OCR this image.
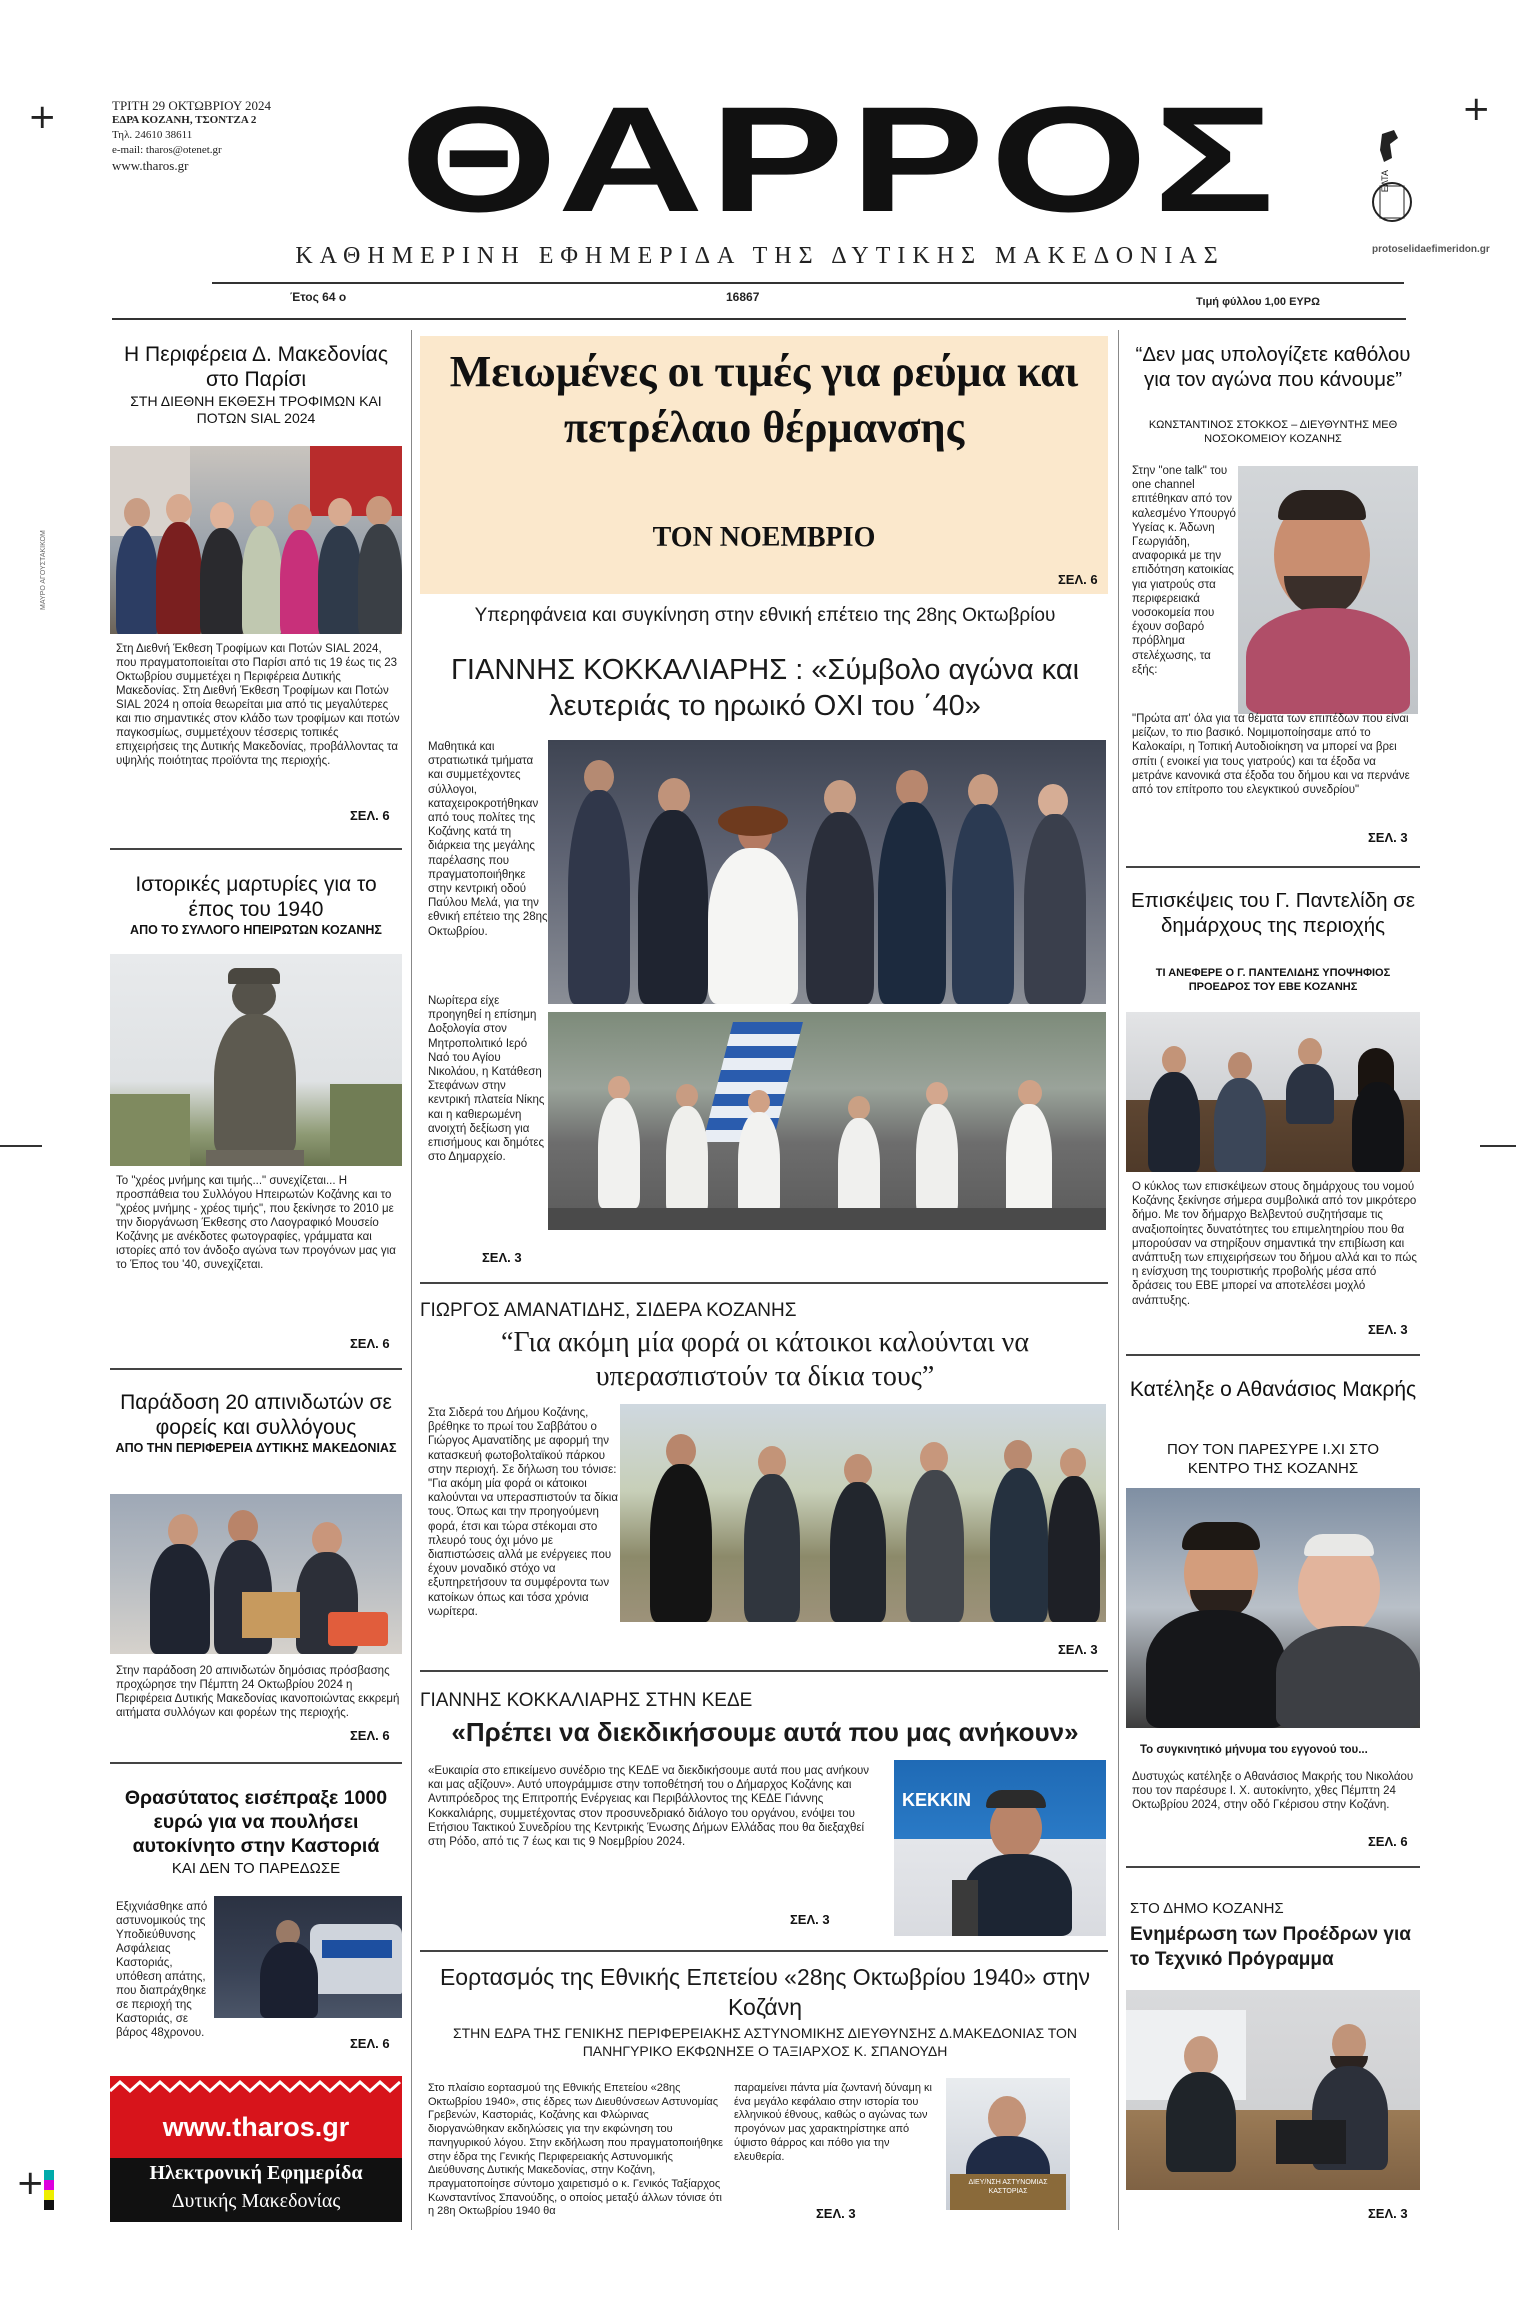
+	+
+
ΜΑΥΡΟ ΑΓΟΥΣΤΑΚΙΚΟΜ
ΤΡΙΤΗ 29 ΟΚΤΩΒΡΙΟΥ 2024
ΕΔΡΑ ΚΟΖΑΝΗ, ΤΣΟΝΤΖΑ 2
Τηλ. 24610 38611
e-mail: tharos@otenet.gr
www.tharos.gr	ΘΑΡΡΟΣ	ΕΛΤΑ
protoselidaefimeridon.gr
ΚΑΘΗΜΕΡΙΝΗ ΕΦΗΜΕΡΙΔΑ ΤΗΣ ΔΥΤΙΚΗΣ ΜΑΚΕΔΟΝΙΑΣ
Έτος 64 ο	16867	Τιμή φύλλου 1,00 ΕΥΡΩ
Η Περιφέρεια Δ. Μακεδονίας στο Παρίσι
ΣΤΗ ΔΙΕΘΝΗ ΕΚΘΕΣΗ ΤΡΟΦΙΜΩΝ ΚΑΙ ΠΟΤΩΝ SIAL 2024
Στη Διεθνή Έκθεση Τροφίμων και Ποτών SIAL 2024, που πραγματοποιείται στο Παρίσι από τις 19 έως τις 23 Οκτωβρίου συμμετέχει η Περιφέρεια Δυτικής Μακεδονίας. Στη Διεθνή Έκθεση Τροφίμων και Ποτών SIAL 2024 η οποία θεωρείται μια από τις μεγαλύτερες και πιο σημαντικές στον κλάδο των τροφίμων και ποτών παγκοσμίως, συμμετέχουν τέσσερις τοπικές επιχειρήσεις της Δυτικής Μακεδονίας, προβάλλοντας τα υψηλής ποιότητας προϊόντα της περιοχής.
ΣΕΛ. 6
Ιστορικές μαρτυρίες για το έπος του 1940
ΑΠΟ ΤΟ ΣΥΛΛΟΓΟ ΗΠΕΙΡΩΤΩΝ ΚΟΖΑΝΗΣ
Το "χρέος μνήμης και τιμής..." συνεχίζεται... Η προσπάθεια του Συλλόγου Ηπειρωτών Κοζάνης και το "χρέος μνήμης - χρέος τιμής", που ξεκίνησε το 2010 με την διοργάνωση Έκθεσης στο Λαογραφικό Μουσείο Κοζάνης με ανέκδοτες φωτογραφίες, γράμματα και ιστορίες από τον άνδοξο αγώνα των προγόνων μας για το Έπος του '40, συνεχίζεται.
ΣΕΛ. 6
Παράδοση 20 απινιδωτών σε φορείς και συλλόγους
ΑΠΟ ΤΗΝ ΠΕΡΙΦΕΡΕΙΑ ΔΥΤΙΚΗΣ ΜΑΚΕΔΟΝΙΑΣ
Στην παράδοση 20 απινιδωτών δημόσιας πρόσβασης προχώρησε την Πέμπτη 24 Οκτωβρίου 2024 η Περιφέρεια Δυτικής Μακεδονίας ικανοποιώντας εκκρεμή αιτήματα συλλόγων και φορέων της περιοχής.
ΣΕΛ. 6
Θρασύτατος εισέπραξε 1000 ευρώ για να πουλήσει αυτοκίνητο στην Καστοριά
ΚΑΙ ΔΕΝ ΤΟ ΠΑΡΕΔΩΣΕ
Εξιχνιάσθηκε από αστυνομικούς της Υποδιεύθυνσης Ασφάλειας Καστοριάς, υπόθεση απάτης, που διαπράχθηκε σε περιοχή της Καστοριάς, σε βάρος 48χρονου.
ΣΕΛ. 6
www.tharos.gr
Ηλεκτρονική Εφημερίδα
Δυτικής Μακεδονίας
Μειωμένες οι τιμές για ρεύμα και πετρέλαιο θέρμανσης
ΤΟΝ ΝΟΕΜΒΡΙΟ
ΣΕΛ. 6
Υπερηφάνεια και συγκίνηση στην εθνική επέτειο της 28ης Οκτωβρίου
ΓΙΑΝΝΗΣ ΚΟΚΚΑΛΙΑΡΗΣ : «Σύμβολο αγώνα και λευτεριάς το ηρωικό ΟΧΙ του ΄40»
Μαθητικά και στρατιωτικά τμήματα και συμμετέχοντες σύλλογοι, καταχειροκροτήθηκαν από τους πολίτες της Κοζάνης κατά τη διάρκεια της μεγάλης παρέλασης που πραγματοποιήθηκε στην κεντρική οδού Παύλου Μελά, για την εθνική επέτειο της 28ης Οκτωβρίου.
Νωρίτερα είχε προηγηθεί η επίσημη Δοξολογία στον Μητροπολιτικό Ιερό Ναό του Αγίου Νικολάου, η Κατάθεση Στεφάνων στην κεντρική πλατεία Νίκης και η καθιερωμένη ανοιχτή δεξίωση για επισήμους και δημότες στο Δημαρχείο.
ΣΕΛ. 3
ΓΙΩΡΓΟΣ ΑΜΑΝΑΤΙΔΗΣ, ΣΙΔΕΡΑ ΚΟΖΑΝΗΣ
“Για ακόμη μία φορά οι κάτοικοι καλούνται να υπερασπιστούν τα δίκια τους”
Στα Σιδερά του Δήμου Κοζάνης, βρέθηκε το πρωί του Σαββάτου ο Γιώργος Αμανατίδης με αφορμή την κατασκευή φωτοβολταϊκού πάρκου στην περιοχή. Σε δήλωση του τόνισε: "Για ακόμη μία φορά οι κάτοικοι καλούνται να υπερασπιστούν τα δίκια τους. Όπως και την προηγούμενη φορά, έτσι και τώρα στέκομαι στο πλευρό τους όχι μόνο με διαπιστώσεις αλλά με ενέργειες που έχουν μοναδικό στόχο να εξυπηρετήσουν τα συμφέροντα των κατοίκων όπως και τόσα χρόνια νωρίτερα.
ΣΕΛ. 3
ΓΙΑΝΝΗΣ ΚΟΚΚΑΛΙΑΡΗΣ ΣΤΗΝ ΚΕΔΕ
«Πρέπει να διεκδικήσουμε αυτά που μας ανήκουν»
«Ευκαιρία στο επικείμενο συνέδριο της ΚΕΔΕ να διεκδικήσουμε αυτά που μας ανήκουν και μας αξίζουν». Αυτό υπογράμμισε στην τοποθέτησή του ο Δήμαρχος Κοζάνης και Αντιπρόεδρος της Επιτροπής Ενέργειας και Περιβάλλοντος της ΚΕΔΕ Γιάννης Κοκκαλιάρης, συμμετέχοντας στον προσυνεδριακό διάλογο του οργάνου, ενόψει του Ετήσιου Τακτικού Συνεδρίου της Κεντρικής Ένωσης Δήμων Ελλάδας που θα διεξαχθεί στη Ρόδο, από τις 7 έως και τις 9 Νοεμβρίου 2024.
ΚΕΚΚΙΝ
ΣΕΛ. 3
Εορτασμός της Εθνικής Επετείου «28ης Οκτωβρίου 1940» στην Κοζάνη
ΣΤΗΝ ΕΔΡΑ ΤΗΣ ΓΕΝΙΚΗΣ ΠΕΡΙΦΕΡΕΙΑΚΗΣ ΑΣΤΥΝΟΜΙΚΗΣ ΔΙΕΥΘΥΝΣΗΣ Δ.ΜΑΚΕΔΟΝΙΑΣ ΤΟΝ ΠΑΝΗΓΥΡΙΚΟ ΕΚΦΩΝΗΣΕ Ο ΤΑΞΙΑΡΧΟΣ Κ. ΣΠΑΝΟΥΔΗ
Στο πλαίσιο εορτασμού της Εθνικής Επετείου «28ης Οκτωβρίου 1940», στις έδρες των Διευθύνσεων Αστυνομίας Γρεβενών, Καστοριάς, Κοζάνης και Φλώρινας διοργανώθηκαν εκδηλώσεις για την εκφώνηση του πανηγυρικού λόγου. Στην εκδήλωση που πραγματοποιήθηκε στην έδρα της Γενικής Περιφερειακής Αστυνομικής Διεύθυνσης Δυτικής Μακεδονίας, στην Κοζάνη, πραγματοποίησε σύντομο χαιρετισμό ο κ. Γενικός Ταξίαρχος Κωνσταντίνος Σπανούδης, ο οποίος μεταξύ άλλων τόνισε ότι η 28η Οκτωβρίου 1940 θα
παραμείνει πάντα μία ζωντανή δύναμη κι ένα μεγάλο κεφάλαιο στην ιστορία του ελληνικού έθνους, καθώς ο αγώνας των προγόνων μας χαρακτηρίστηκε από ύψιστο θάρρος και πόθο για την ελευθερία.
ΔΙΕΥ/ΝΣΗ ΑΣΤΥΝΟΜΙΑΣ ΚΑΣΤΟΡΙΑΣ
ΣΕΛ. 3
“Δεν μας υπολογίζετε καθόλου για τον αγώνα που κάνουμε”
ΚΩΝΣΤΑΝΤΙΝΟΣ ΣΤΟΚΚΟΣ – ΔΙΕΥΘΥΝΤΗΣ ΜΕΘ ΝΟΣΟΚΟΜΕΙΟΥ ΚΟΖΑΝΗΣ
Στην "one talk" του one channel επιτέθηκαν από τον καλεσμένο Υπουργό Υγείας κ. Άδωνη Γεωργιάδη, αναφορικά με την επιδότηση κατοικίας για γιατρούς στα περιφερειακά νοσοκομεία που έχουν σοβαρό πρόβλημα στελέχωσης, τα εξής:
"Πρώτα απ' όλα για τα θέματα των επιπέδων που είναι μείζων, το πιο βασικό. Νομιμοποίησαμε από το Καλοκαίρι, η Τοπική Αυτοδιοίκηση να μπορεί να βρει σπίτι ( ενοικεί για τους γιατρούς) και τα έξοδα να μετράνε κανονικά στα έξοδα του δήμου και να περνάνε από τον επίτροπο του ελεγκτικού συνεδρίου"
ΣΕΛ. 3
Επισκέψεις του Γ. Παντελίδη σε δημάρχους της περιοχής
ΤΙ ΑΝΕΦΕΡΕ Ο Γ. ΠΑΝΤΕΛΙΔΗΣ ΥΠΟΨΗΦΙΟΣ ΠΡΟΕΔΡΟΣ ΤΟΥ ΕΒΕ ΚΟΖΑΝΗΣ
Ο κύκλος των επισκέψεων στους δημάρχους του νομού Κοζάνης ξεκίνησε σήμερα συμβολικά από τον μικρότερο δήμο. Με τον δήμαρχο Βελβεντού συζητήσαμε τις αναξιοποίητες δυνατότητες του επιμελητηρίου που θα μπορούσαν να στηρίξουν σημαντικά την επιβίωση και ανάπτυξη των επιχειρήσεων του δήμου αλλά και το πώς η ενίσχυση της τουριστικής προβολής μέσα από δράσεις του ΕΒΕ μπορεί να αποτελέσει μοχλό ανάπτυξης.
ΣΕΛ. 3
Κατέληξε ο Αθανάσιος Μακρής
ΠΟΥ ΤΟΝ ΠΑΡΕΣΥΡΕ Ι.ΧΙ ΣΤΟ ΚΕΝΤΡΟ ΤΗΣ ΚΟΖΑΝΗΣ
Το συγκινητικό μήνυμα του εγγονού του...
Δυστυχώς κατέληξε ο Αθανάσιος Μακρής του Νικολάου που τον παρέσυρε Ι. Χ. αυτοκίνητο, χθες Πέμπτη 24 Οκτωβρίου 2024, στην οδό Γκέρισου στην Κοζάνη.
ΣΕΛ. 6
ΣΤΟ ΔΗΜΟ ΚΟΖΑΝΗΣ
Ενημέρωση των Προέδρων για το Τεχνικό Πρόγραμμα
ΣΕΛ. 3
